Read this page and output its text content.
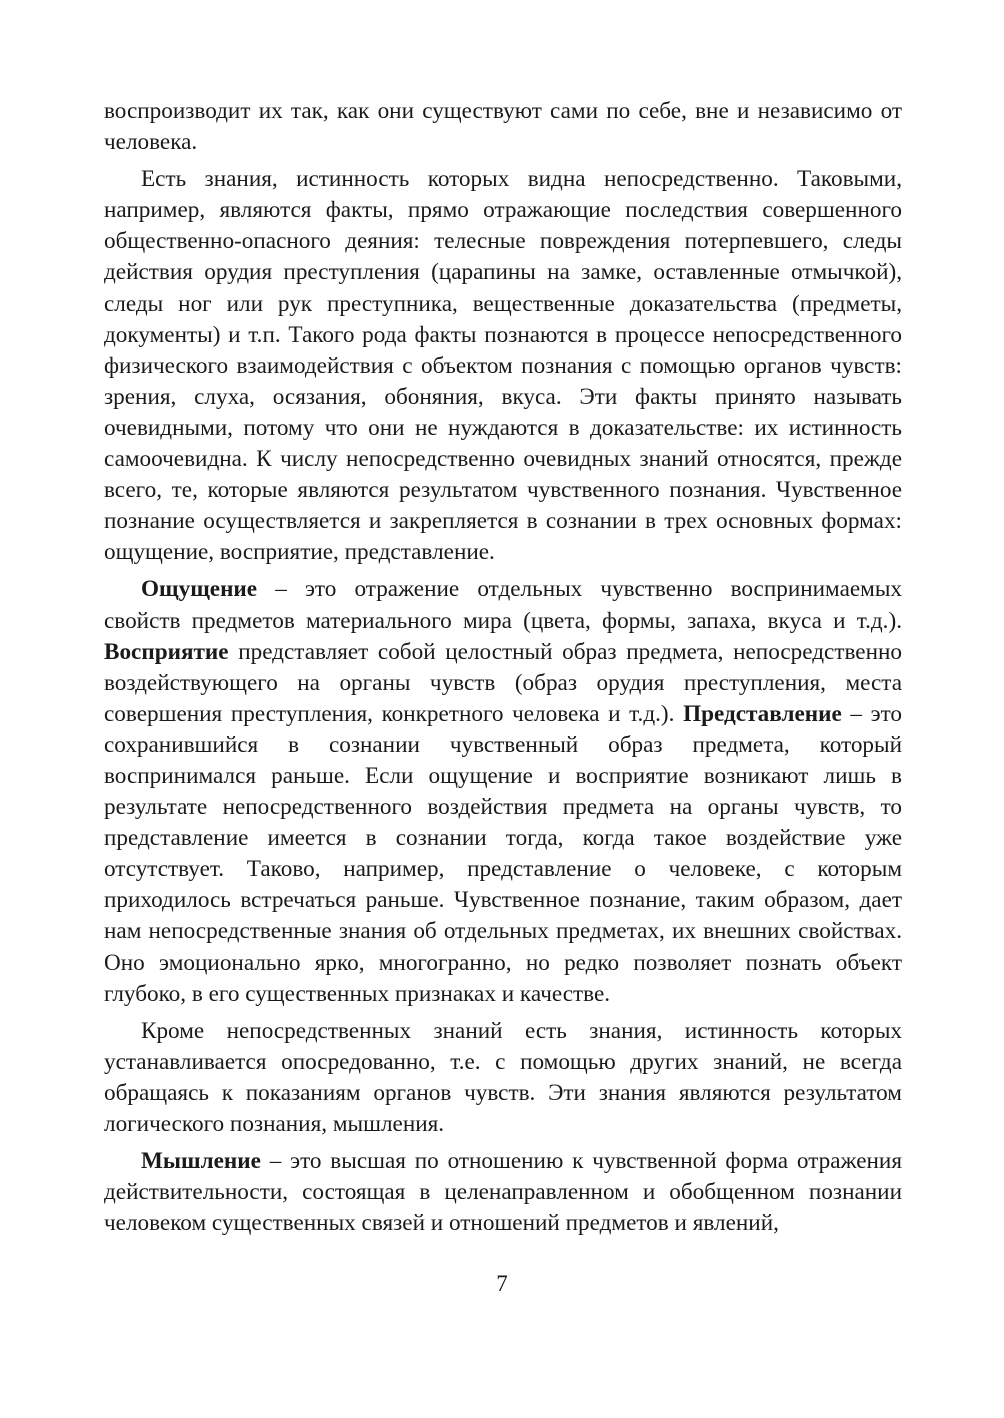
воспроизводит их так, как они существуют сами по себе, вне и независимо от человека.

Есть знания, истинность которых видна непосредственно. Таковыми, например, являются факты, прямо отражающие последствия совершенного общественно-опасного деяния: телесные повреждения потерпевшего, следы действия орудия преступления (царапины на замке, оставленные отмычкой), следы ног или рук преступника, вещественные доказательства (предметы, документы) и т.п. Такого рода факты познаются в процессе непосредственного физического взаимодействия с объектом познания с помощью органов чувств: зрения, слуха, осязания, обоняния, вкуса. Эти факты принято называть очевидными, потому что они не нуждаются в доказательстве: их истинность самоочевидна. К числу непосредственно очевидных знаний относятся, прежде всего, те, которые являются результатом чувственного познания. Чувственное познание осуществляется и закрепляется в сознании в трех основных формах: ощущение, восприятие, представление.

Ощущение – это отражение отдельных чувственно воспринимаемых свойств предметов материального мира (цвета, формы, запаха, вкуса и т.д.). Восприятие представляет собой целостный образ предмета, непосредственно воздействующего на органы чувств (образ орудия преступления, места совершения преступления, конкретного человека и т.д.). Представление – это сохранившийся в сознании чувственный образ предмета, который воспринимался раньше. Если ощущение и восприятие возникают лишь в результате непосредственного воздействия предмета на органы чувств, то представление имеется в сознании тогда, когда такое воздействие уже отсутствует. Таково, например, представление о человеке, с которым приходилось встречаться раньше. Чувственное познание, таким образом, дает нам непосредственные знания об отдельных предметах, их внешних свойствах. Оно эмоционально ярко, многогранно, но редко позволяет познать объект глубоко, в его существенных признаках и качестве.

Кроме непосредственных знаний есть знания, истинность которых устанавливается опосредованно, т.е. с помощью других знаний, не всегда обращаясь к показаниям органов чувств. Эти знания являются результатом логического познания, мышления.

Мышление – это высшая по отношению к чувственной форма отражения действительности, состоящая в целенаправленном и обобщенном познании человеком существенных связей и отношений предметов и явлений,

7
